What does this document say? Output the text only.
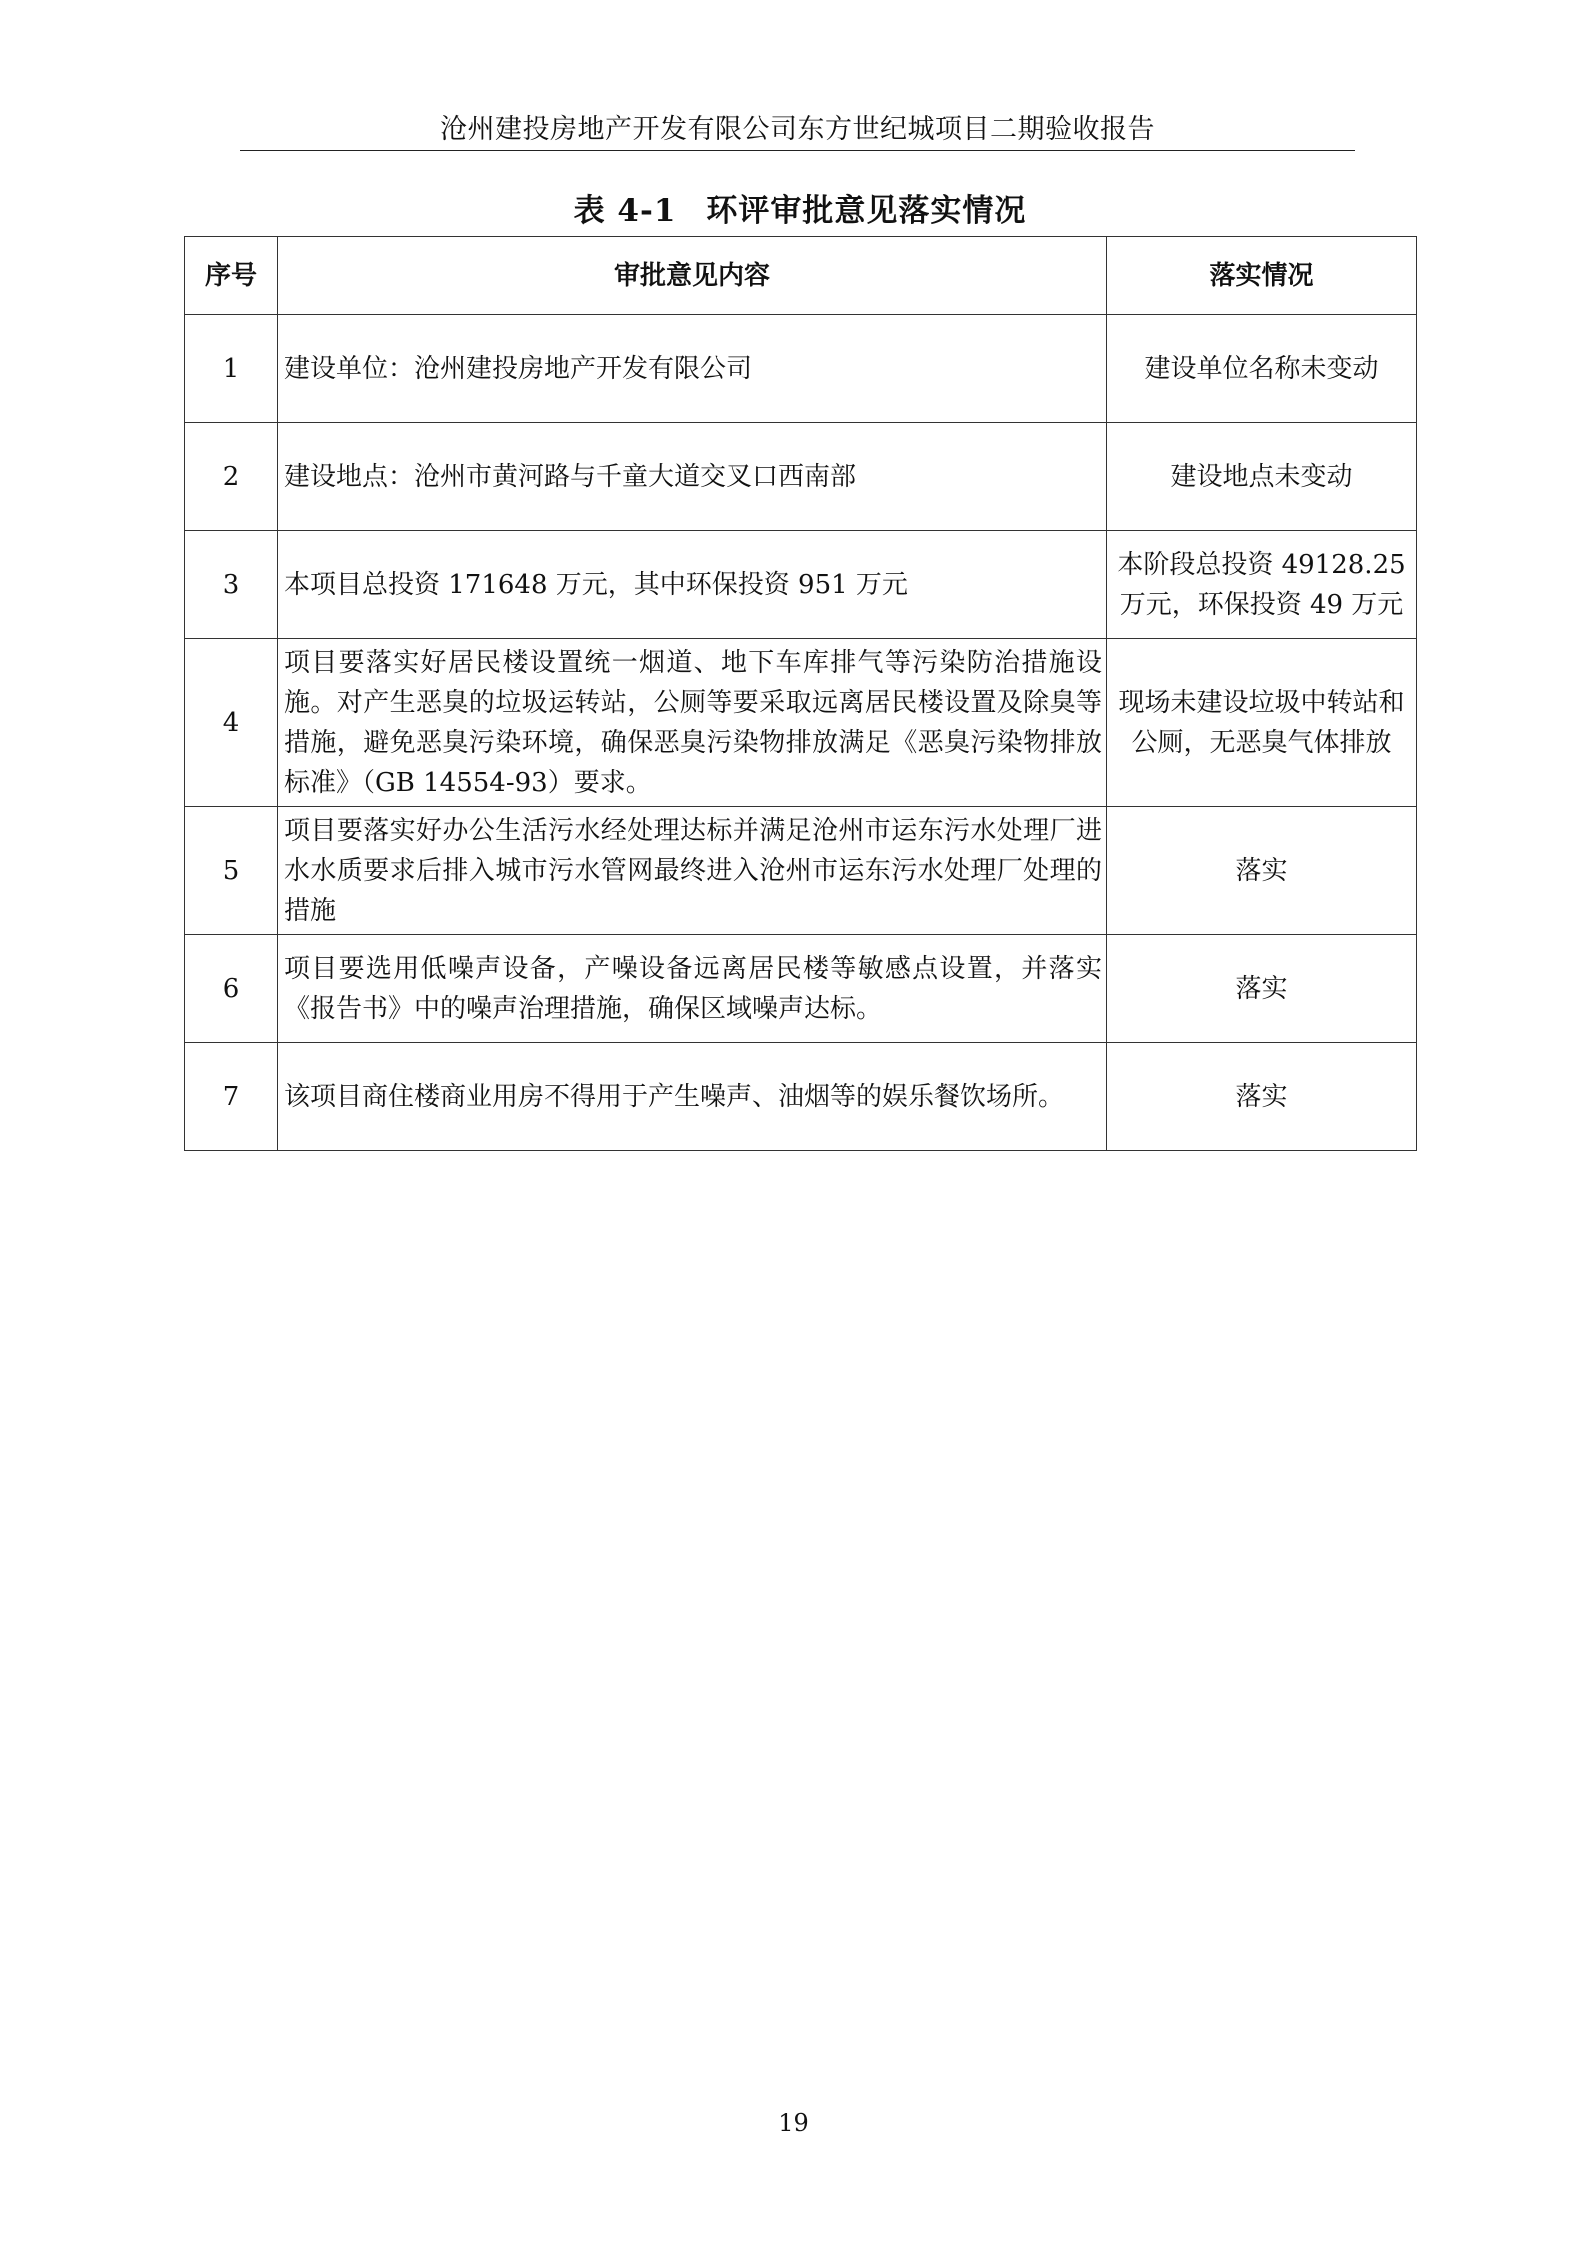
沧州建投房地产开发有限公司东方世纪城项目二期验收报告
表 4-1 环评审批意见落实情况
序号	审批意见内容	落实情况
1	建设单位：沧州建投房地产开发有限公司	建设单位名称未变动
2	建设地点：沧州市黄河路与千童大道交叉口西南部	建设地点未变动
3	本项目总投资 171648 万元，其中环保投资 951 万元	本阶段总投资 49128.25 万元，环保投资 49 万元
4	项目要落实好居民楼设置统一烟道、地下车库排气等污染防治措施设施。对产生恶臭的垃圾运转站，公厕等要采取远离居民楼设置及除臭等措施，避免恶臭污染环境，确保恶臭污染物排放满足《恶臭污染物排放标准》（GB 14554-93）要求。	现场未建设垃圾中转站和公厕，无恶臭气体排放
5	项目要落实好办公生活污水经处理达标并满足沧州市运东污水处理厂进水水质要求后排入城市污水管网最终进入沧州市运东污水处理厂处理的措施	落实
6	项目要选用低噪声设备，产噪设备远离居民楼等敏感点设置，并落实《报告书》中的噪声治理措施，确保区域噪声达标。	落实
7	该项目商住楼商业用房不得用于产生噪声、油烟等的娱乐餐饮场所。	落实
19
